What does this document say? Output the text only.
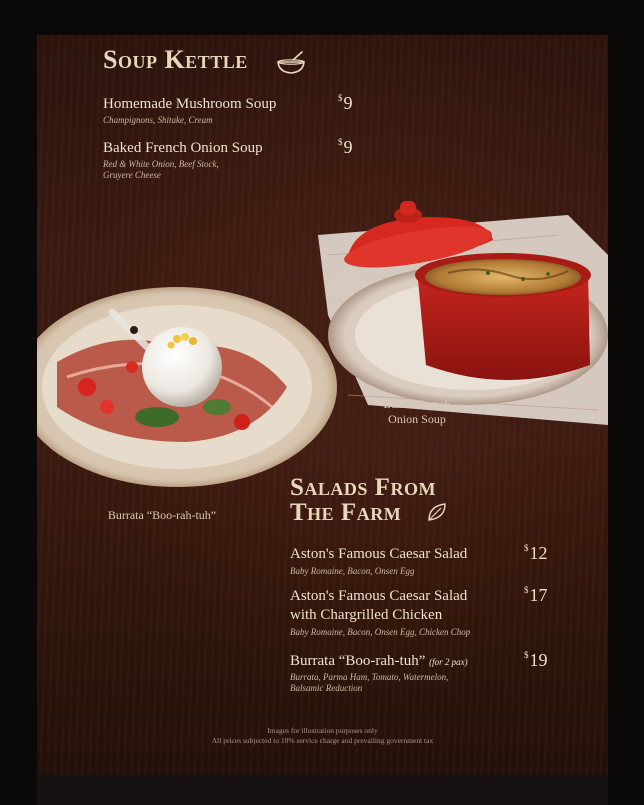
Soup Kettle
Homemade Mushroom Soup
Champignons, Shitake, Cream
$9
Baked French Onion Soup
Red & White Onion, Beef Stock,
Gruyere Cheese
$9
Baked French
Onion Soup
Burrata “Boo-rah-tuh”
Salads From
The Farm
Aston's Famous Caesar Salad
Baby Romaine, Bacon, Onsen Egg
$12
Aston's Famous Caesar Salad
with Chargrilled Chicken
Baby Romaine, Bacon, Onsen Egg, Chicken Chop
$17
Burrata “Boo-rah-tuh” (for 2 pax)
Burrata, Parma Ham, Tomato, Watermelon,
Balsamic Reduction
$19
Images for illustration purposes only
All prices subjected to 10% service charge and prevailing government tax
